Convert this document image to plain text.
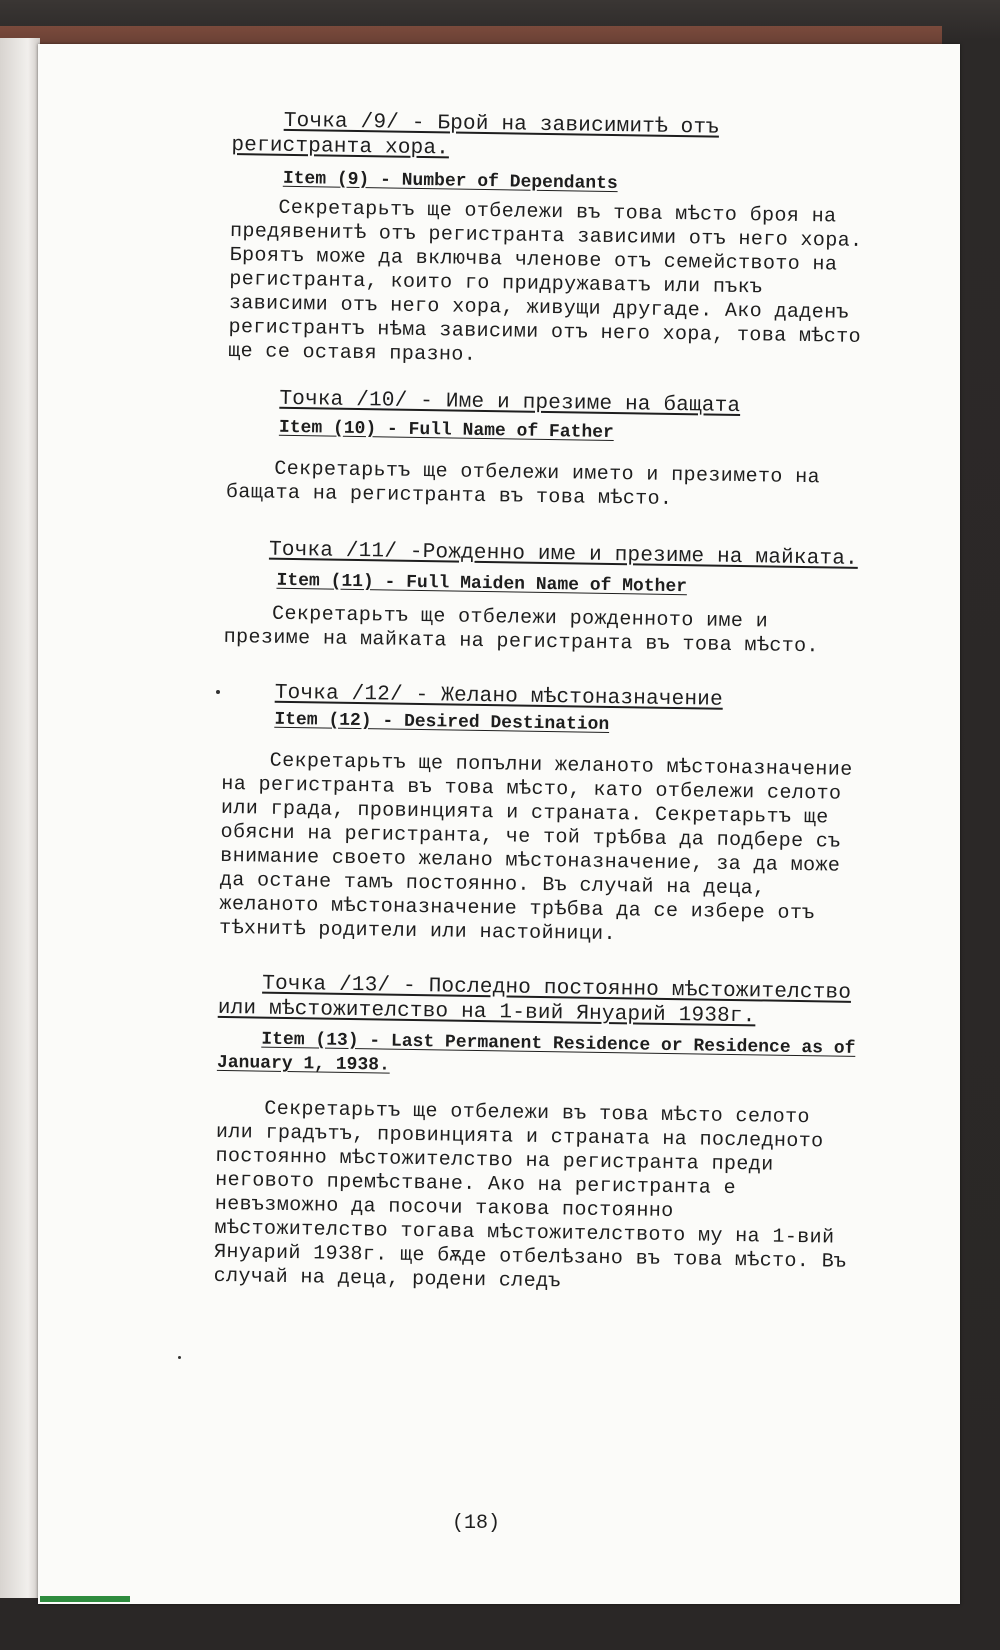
Точка /9/ - Брой на зависимитѣ отъ регистранта хора.

Item (9) - Number of Dependants

Секретарьтъ ще отбележи въ това мѣсто броя на предявенитѣ отъ регистранта зависими отъ него хора. Броятъ може да включва членове отъ семейството на регистранта, които го придружаватъ или пъкъ зависими отъ него хора, живущи другаде. Ако даденъ регистрантъ нѣма зависими отъ него хора, това мѣсто ще се оставя празно.

Точка /10/ - Име и презиме на бащата

Item (10) - Full Name of Father

Секретарьтъ ще отбележи името и презимето на бащата на регистранта въ това мѣсто.

Точка /11/ -Рожденно име и презиме на майката.

Item (11) - Full Maiden Name of Mother

Секретарьтъ ще отбележи рожденното име и презиме на майката на регистранта въ това мѣсто.

Точка /12/ - Желано мѣстоназначение

Item (12) - Desired Destination

Секретарьтъ ще попълни желаното мѣстоназначение на регистранта въ това мѣсто, като отбележи селото или града, провинцията и страната. Секретарьтъ ще обясни на регистранта, че той трѣбва да подбере съ внимание своето желано мѣстоназначение, за да може да остане тамъ постоянно. Въ случай на деца, желаното мѣстоназначение трѣбва да се избере отъ тѣхнитѣ родители или настойници.

Точка /13/ - Последно постоянно мѣстожителство или мѣстожителство на 1-вий Януарий 1938г.

Item (13) - Last Permanent Residence or Residence as of January 1, 1938.

Секретарьтъ ще отбележи въ това мѣсто селото или градътъ, провинцията и страната на последното постоянно мѣстожителство на регистранта преди неговото премѣстване. Ако на регистранта е невъзможно да посочи такова постоянно мѣстожителство тогава мѣстожителството му на 1-вий Януарий 1938г. ще бѫде отбелѣзано въ това мѣсто. Въ случай на деца, родени следъ

(18)
